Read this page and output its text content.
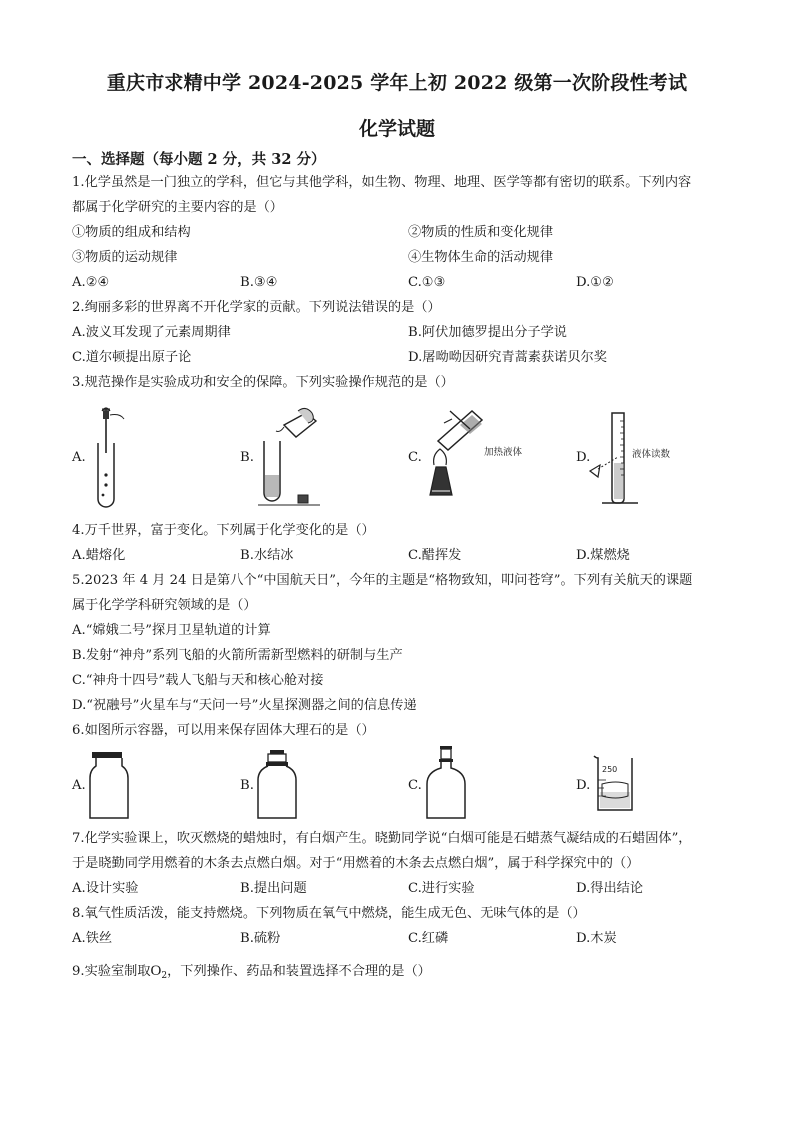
重庆市求精中学 2024-2025 学年上初 2022 级第一次阶段性考试
化学试题
一、选择题（每小题 2 分，共 32 分）
1.化学虽然是一门独立的学科，但它与其他学科，如生物、物理、地理、医学等都有密切的联系。下列内容
都属于化学研究的主要内容的是（）
①物质的组成和结构	②物质的性质和变化规律
③物质的运动规律	④生物体生命的活动规律
A.②④	B.③④	C.①③	D.①②
2.绚丽多彩的世界离不开化学家的贡献。下列说法错误的是（）
A.波义耳发现了元素周期律	B.阿伏加德罗提出分子学说
C.道尔顿提出原子论	D.屠呦呦因研究青蒿素获诺贝尔奖
3.规范操作是实验成功和安全的保障。下列实验操作规范的是（）
A.	B.	C.	加热液体	D.	液体读数
4.万千世界，富于变化。下列属于化学变化的是（）
A.蜡熔化	B.水结冰	C.醋挥发	D.煤燃烧
5.2023 年 4 月 24 日是第八个“中国航天日”，今年的主题是“格物致知，叩问苍穹”。下列有关航天的课题
属于化学学科研究领域的是（）
A.“嫦娥二号”探月卫星轨道的计算
B.发射“神舟”系列飞船的火箭所需新型燃料的研制与生产
C.“神舟十四号”载人飞船与天和核心舱对接
D.“祝融号”火星车与“天问一号”火星探测器之间的信息传递
6.如图所示容器，可以用来保存固体大理石的是（）
A.	B.	C.	D.
250
7.化学实验课上，吹灭燃烧的蜡烛时，有白烟产生。晓勤同学说“白烟可能是石蜡蒸气凝结成的石蜡固体”，
于是晓勤同学用燃着的木条去点燃白烟。对于“用燃着的木条去点燃白烟”，属于科学探究中的（）
A.设计实验	B.提出问题	C.进行实验	D.得出结论
8.氧气性质活泼，能支持燃烧。下列物质在氧气中燃烧，能生成无色、无味气体的是（）
A.铁丝	B.硫粉	C.红磷	D.木炭
9.实验室制取$O_2$，下列操作、药品和装置选择不合理的是（）
